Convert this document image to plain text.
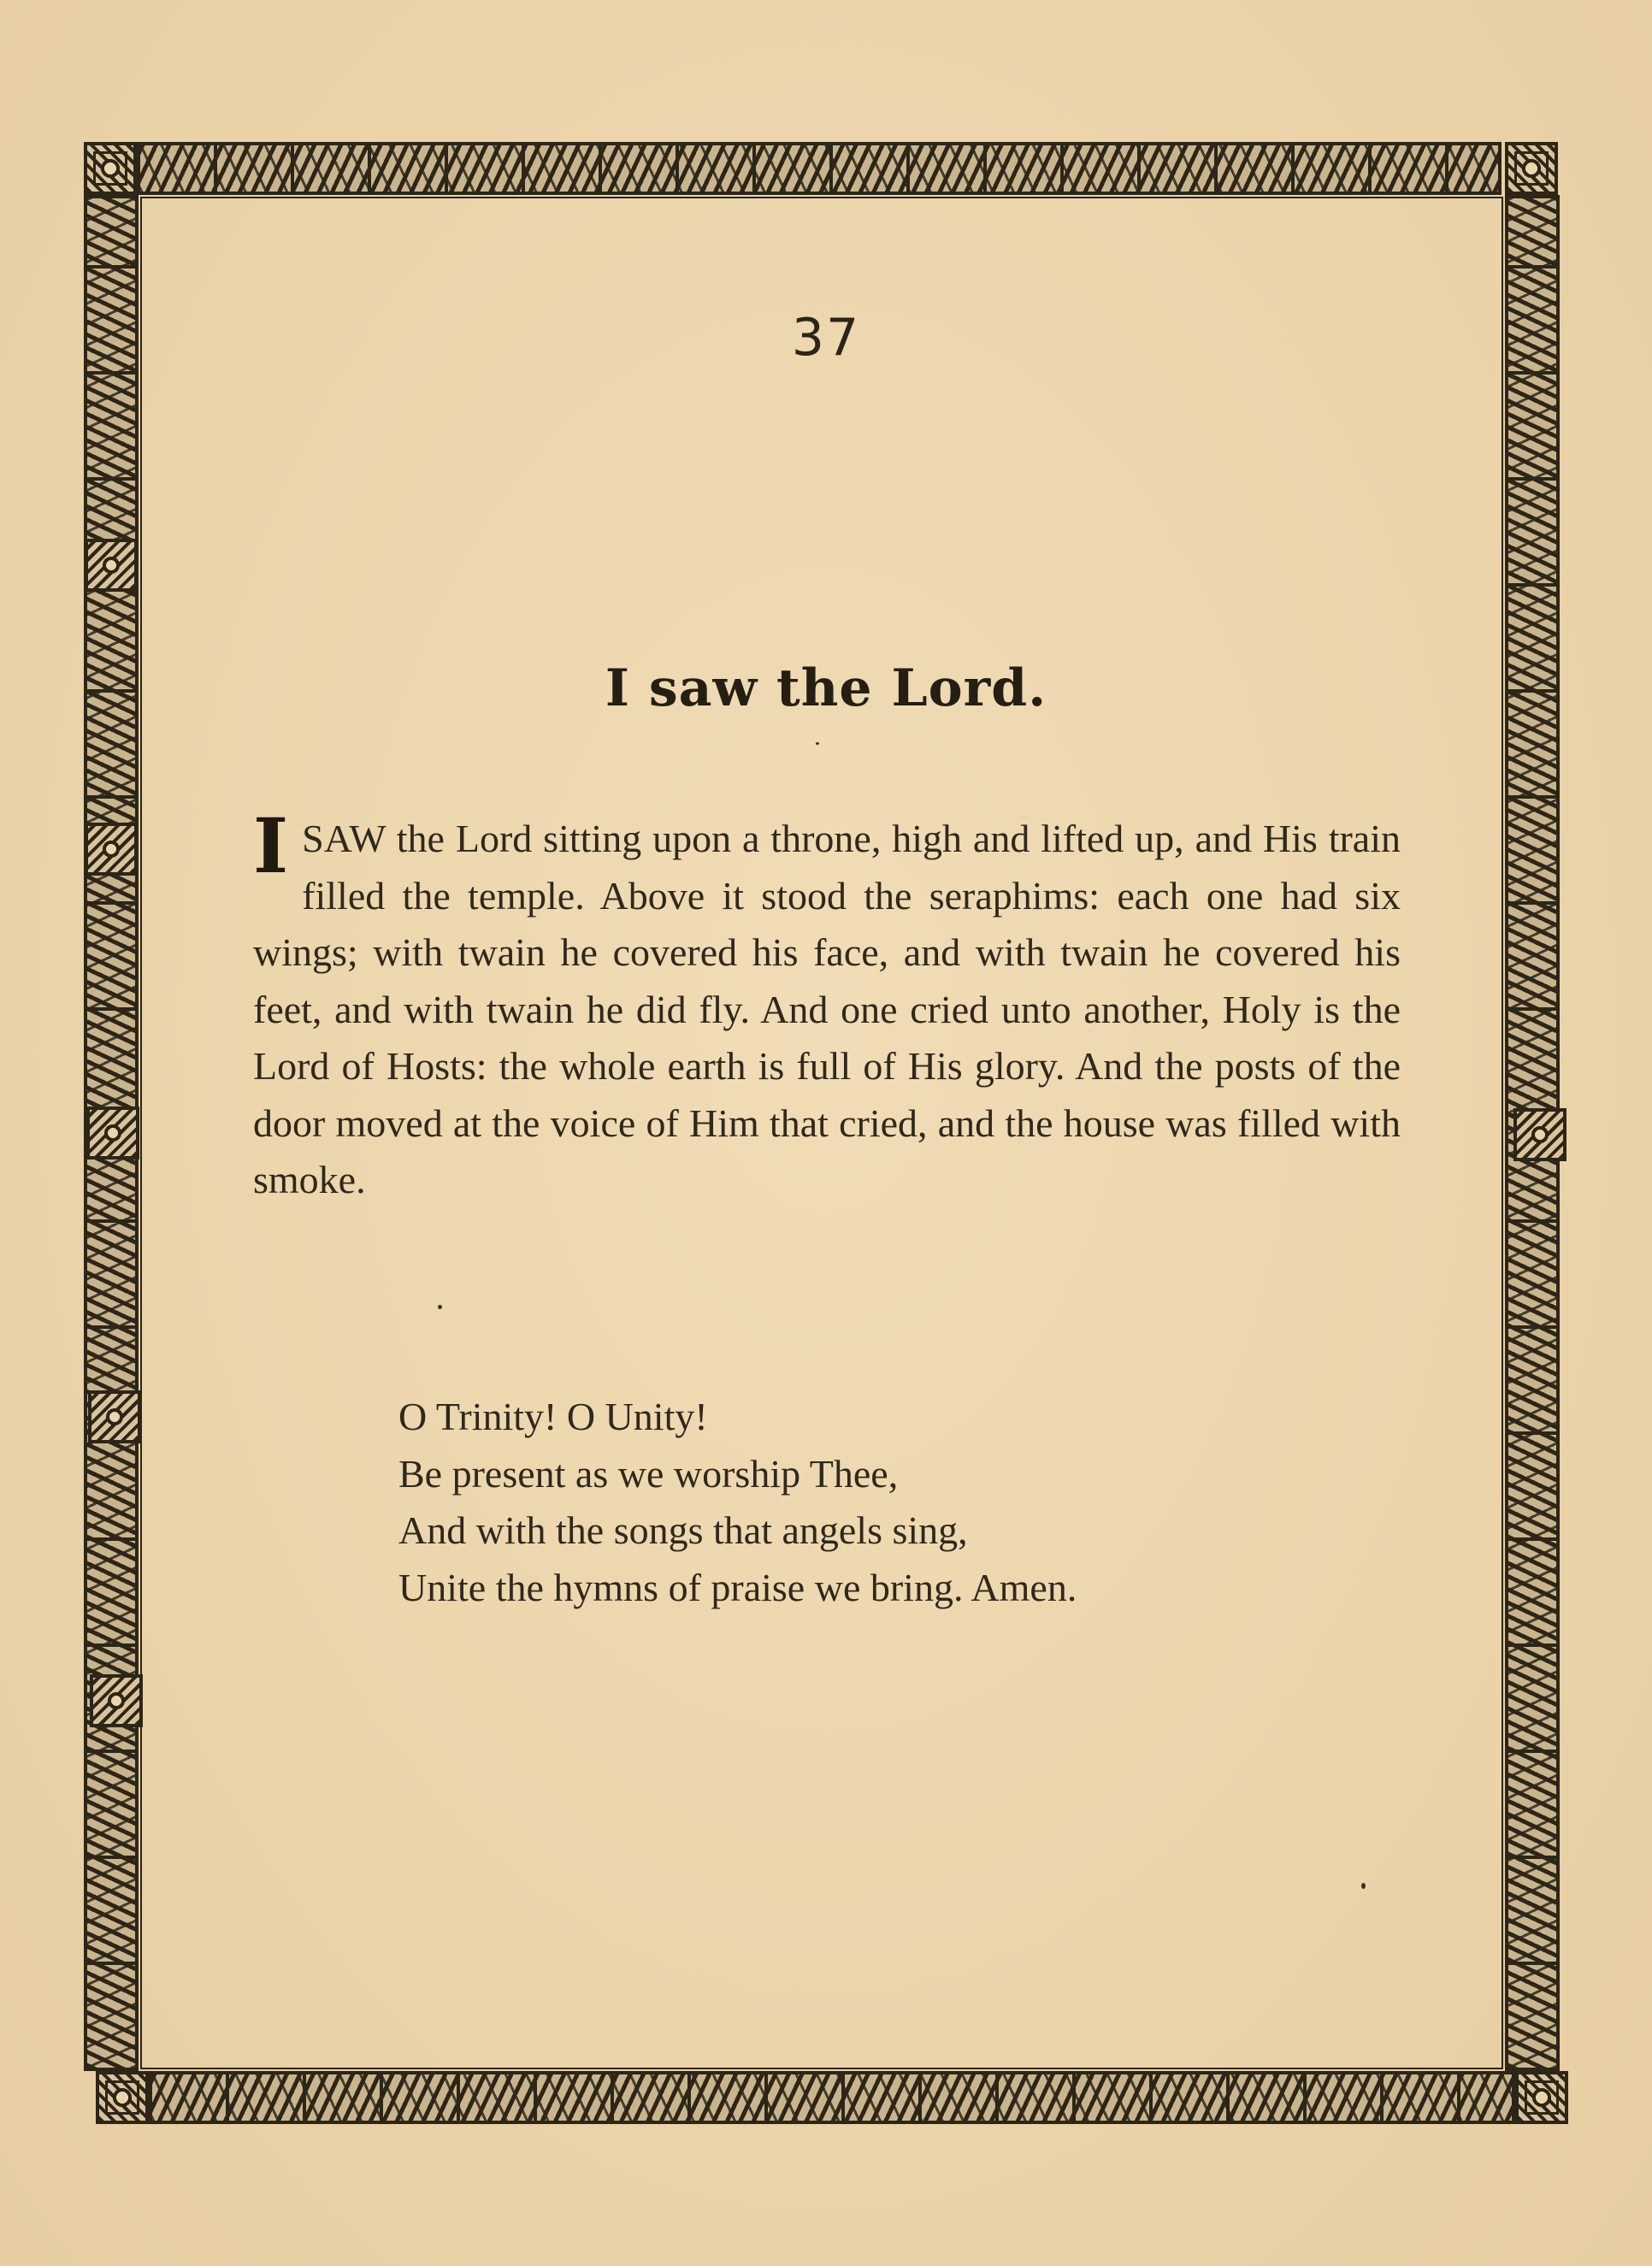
37
I saw the Lord.

ISAW the Lord sitting upon a throne, high and lifted up, and His train filled the temple. Above it stood the seraphims: each one had six wings; with twain he covered his face, and with twain he covered his feet, and with twain he did fly. And one cried unto another, Holy is the Lord of Hosts: the whole earth is full of His glory. And the posts of the door moved at the voice of Him that cried, and the house was filled with smoke.

O Trinity! O Unity!
Be present as we worship Thee,
And with the songs that angels sing,
Unite the hymns of praise we bring. Amen.
